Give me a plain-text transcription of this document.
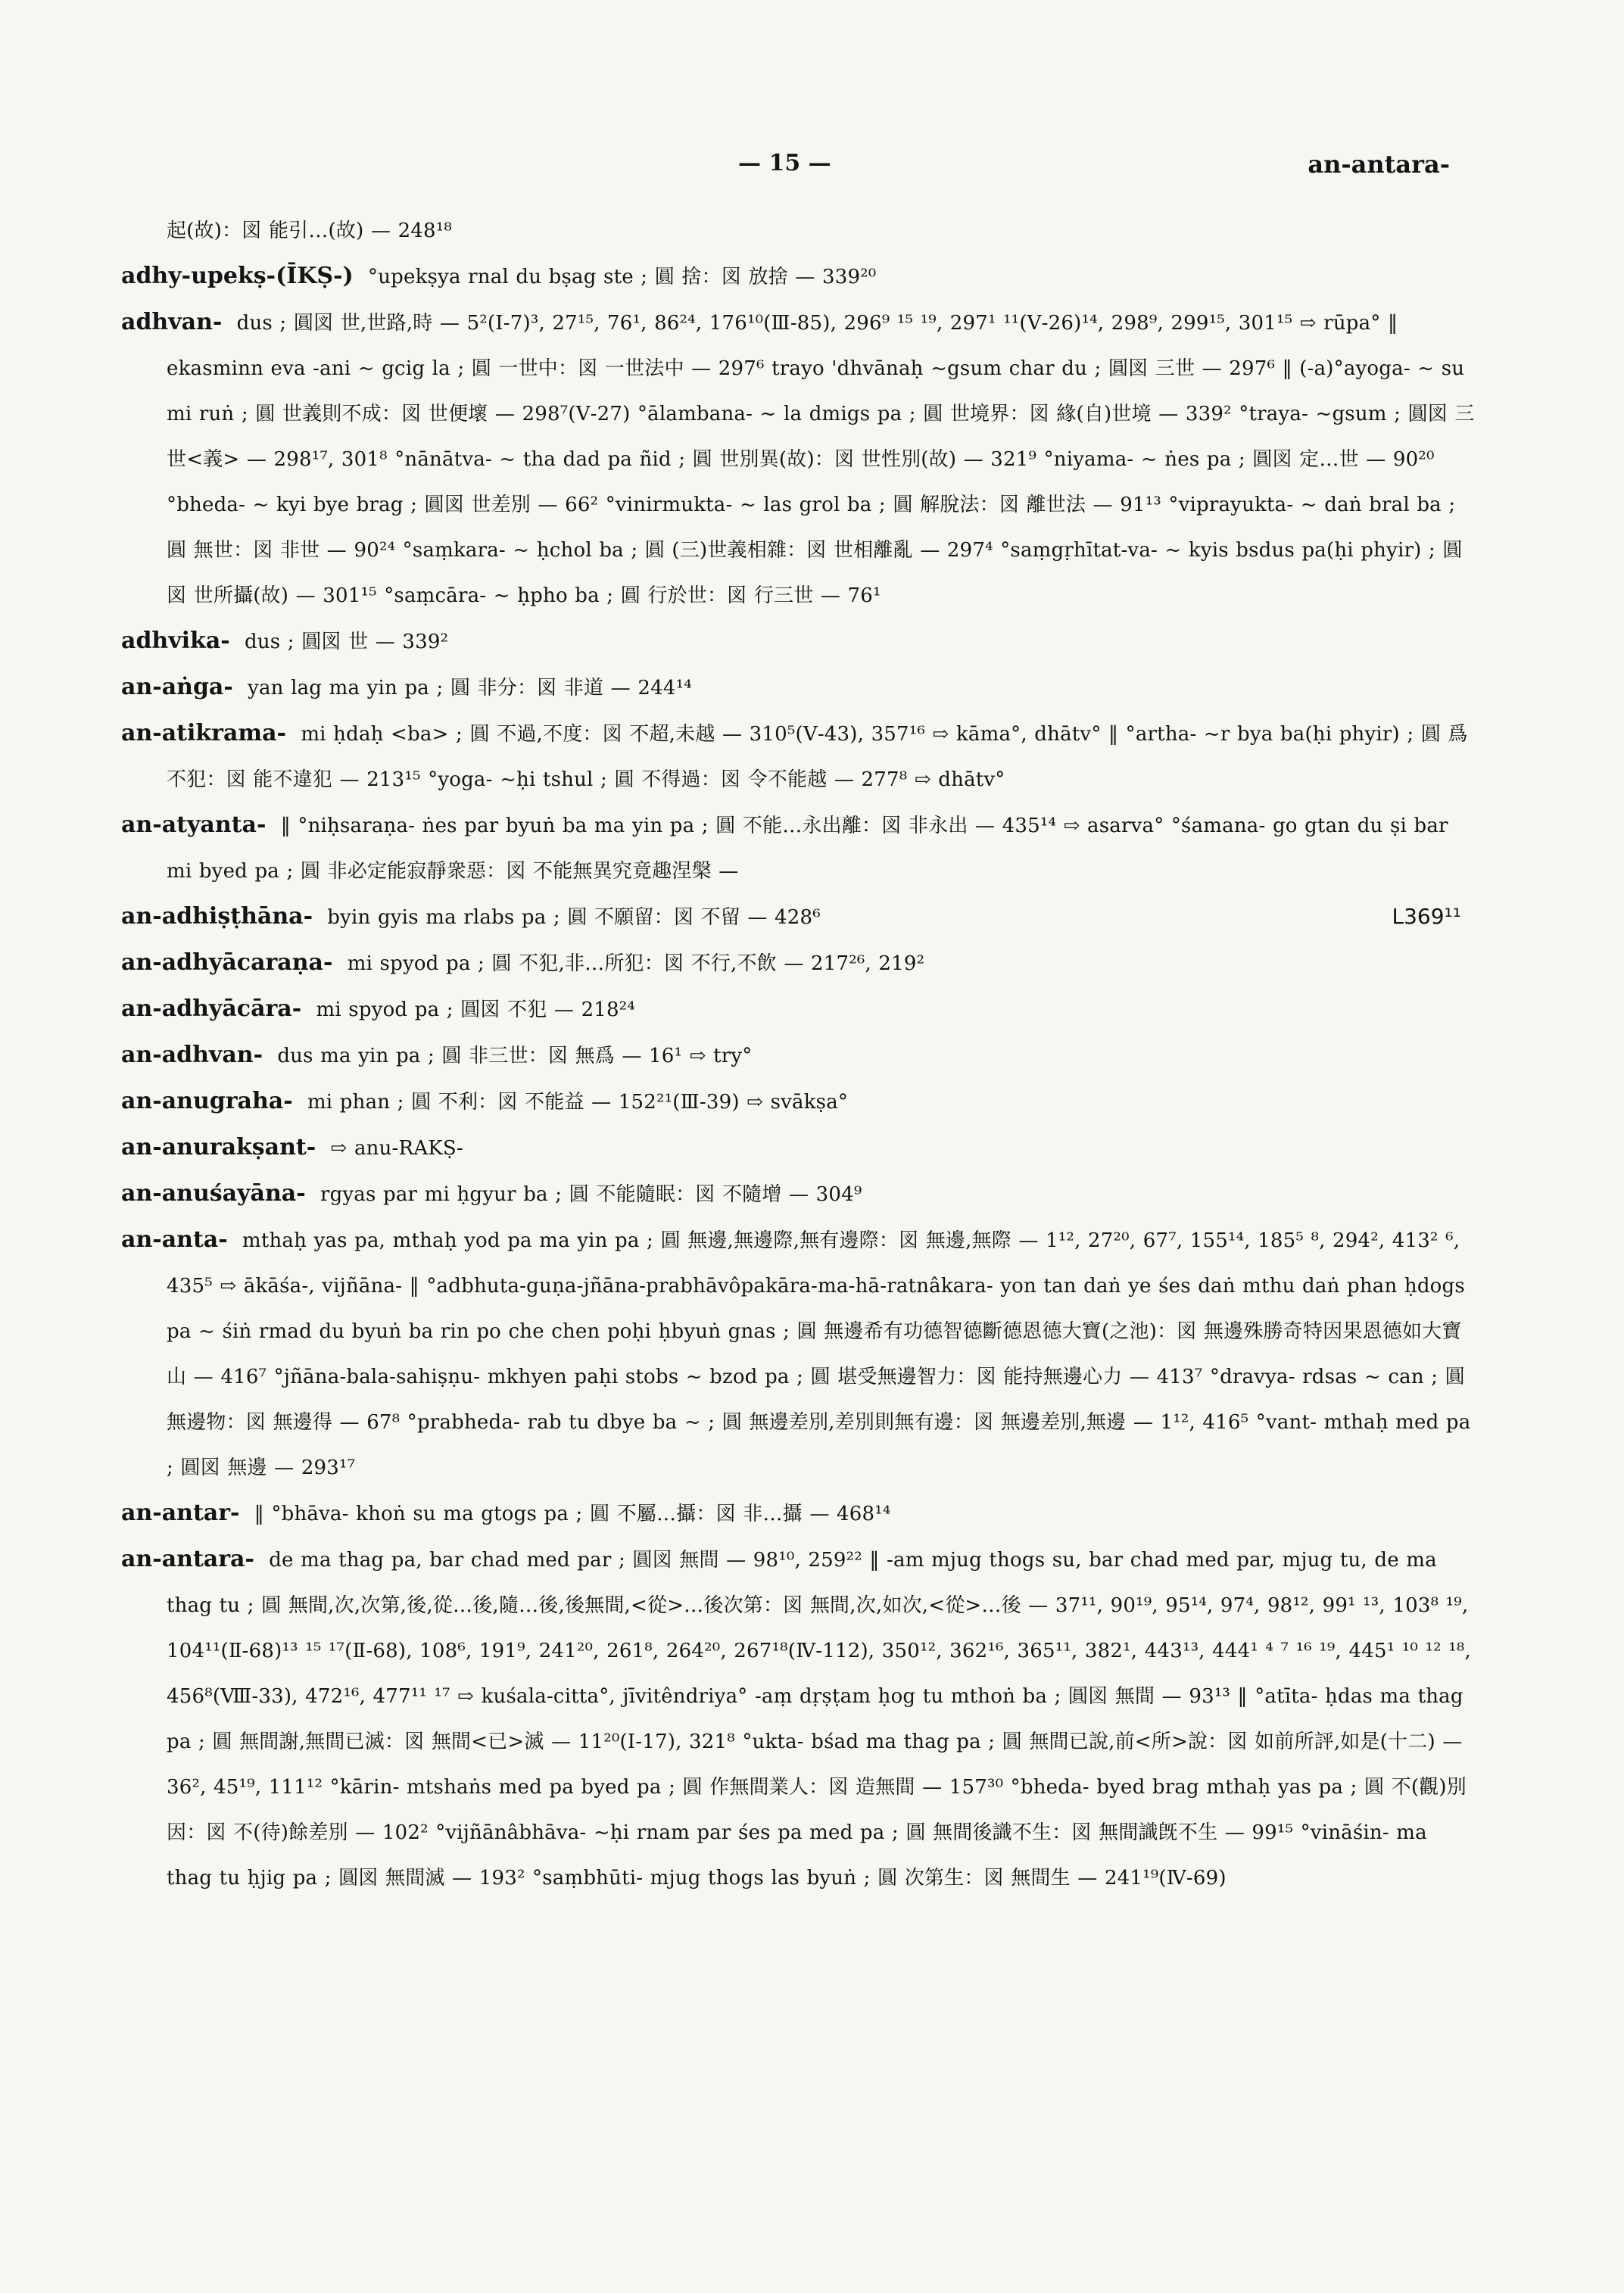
— 15 —	an-antara-
起(故)：図 能引…(故) — 248¹⁸
adhy-upekṣ-(ĪKṢ-) °upekṣya rnal du bṣag ste ; 圓 捨：図 放捨 — 339²⁰
adhvan- dus ; 圓図 世,世路,時 — 5²(Ⅰ-7)³, 27¹⁵, 76¹, 86²⁴, 176¹⁰(Ⅲ-85), 296⁹ ¹⁵ ¹⁹, 297¹ ¹¹(Ⅴ-26)¹⁴, 298⁹, 299¹⁵, 301¹⁵ ⇨ rūpa° ‖ ekasminn eva -ani ~ gcig la ; 圓 一世中：図 一世法中 — 297⁶ trayo 'dhvānaḥ ~gsum char du ; 圓図 三世 — 297⁶ ‖ (-a)°ayoga- ~ su mi ruṅ ; 圓 世義則不成：図 世便壞 — 298⁷(Ⅴ-27) °ālambana- ~ la dmigs pa ; 圓 世境界：図 緣(自)世境 — 339² °traya- ~gsum ; 圓図 三世<義> — 298¹⁷, 301⁸ °nānātva- ~ tha dad pa ñid ; 圓 世別異(故)：図 世性別(故) — 321⁹ °niyama- ~ ṅes pa ; 圓図 定…世 — 90²⁰ °bheda- ~ kyi bye brag ; 圓図 世差別 — 66² °vinirmukta- ~ las grol ba ; 圓 解脫法：図 離世法 — 91¹³ °viprayukta- ~ daṅ bral ba ; 圓 無世：図 非世 — 90²⁴ °saṃkara- ~ ḥchol ba ; 圓 (三)世義相雜：図 世相離亂 — 297⁴ °saṃgṛhītat-va- ~ kyis bsdus pa(ḥi phyir) ; 圓図 世所攝(故) — 301¹⁵ °saṃcāra- ~ ḥpho ba ; 圓 行於世：図 行三世 — 76¹
adhvika- dus ; 圓図 世 — 339²
an-aṅga- yan lag ma yin pa ; 圓 非分：図 非道 — 244¹⁴
an-atikrama- mi ḥdaḥ <ba> ; 圓 不過,不度：図 不超,未越 — 310⁵(Ⅴ-43), 357¹⁶ ⇨ kāma°, dhātv° ‖ °artha- ~r bya ba(ḥi phyir) ; 圓 爲不犯：図 能不違犯 — 213¹⁵ °yoga- ~ḥi tshul ; 圓 不得過：図 令不能越 — 277⁸ ⇨ dhātv°
an-atyanta- ‖ °niḥsaraṇa- ṅes par byuṅ ba ma yin pa ; 圓 不能…永出離：図 非永出 — 435¹⁴ ⇨ asarva° °śamana- go gtan du ṣi bar mi byed pa ; 圓 非必定能寂靜衆惡：図 不能無異究竟趣涅槃 —
an-adhiṣṭhāna- byin gyis ma rlabs pa ; 圓 不願留：図 不留 — 428⁶	L369¹¹
an-adhyācaraṇa- mi spyod pa ; 圓 不犯,非…所犯：図 不行,不飲 — 217²⁶, 219²
an-adhyācāra- mi spyod pa ; 圓図 不犯 — 218²⁴
an-adhvan- dus ma yin pa ; 圓 非三世：図 無爲 — 16¹ ⇨ try°
an-anugraha- mi phan ; 圓 不利：図 不能益 — 152²¹(Ⅲ-39) ⇨ svākṣa°
an-anurakṣant- ⇨ anu-RAKṢ-
an-anuśayāna- rgyas par mi ḥgyur ba ; 圓 不能隨眠：図 不隨增 — 304⁹
an-anta- mthaḥ yas pa, mthaḥ yod pa ma yin pa ; 圓 無邊,無邊際,無有邊際：図 無邊,無際 — 1¹², 27²⁰, 67⁷, 155¹⁴, 185⁵ ⁸, 294², 413² ⁶, 435⁵ ⇨ ākāśa-, vijñāna- ‖ °adbhuta-guṇa-jñāna-prabhāvôpakāra-ma-hā-ratnâkara- yon tan daṅ ye śes daṅ mthu daṅ phan ḥdogs pa ~ śiṅ rmad du byuṅ ba rin po che chen poḥi ḥbyuṅ gnas ; 圓 無邊希有功德智德斷德恩德大寶(之池)：図 無邊殊勝奇特因果恩德如大寶山 — 416⁷ °jñāna-bala-sahiṣṇu- mkhyen paḥi stobs ~ bzod pa ; 圓 堪受無邊智力：図 能持無邊心力 — 413⁷ °dravya- rdsas ~ can ; 圓 無邊物：図 無邊得 — 67⁸ °prabheda- rab tu dbye ba ~ ; 圓 無邊差別,差別則無有邊：図 無邊差別,無邊 — 1¹², 416⁵ °vant- mthaḥ med pa ; 圓図 無邊 — 293¹⁷
an-antar- ‖ °bhāva- khoṅ su ma gtogs pa ; 圓 不屬…攝：図 非…攝 — 468¹⁴
an-antara- de ma thag pa, bar chad med par ; 圓図 無間 — 98¹⁰, 259²² ‖ -am mjug thogs su, bar chad med par, mjug tu, de ma thag tu ; 圓 無間,次,次第,後,從…後,隨…後,後無間,<從>…後次第：図 無間,次,如次,<從>…後 — 37¹¹, 90¹⁹, 95¹⁴, 97⁴, 98¹², 99¹ ¹³, 103⁸ ¹⁹, 104¹¹(Ⅱ-68)¹³ ¹⁵ ¹⁷(Ⅱ-68), 108⁶, 191⁹, 241²⁰, 261⁸, 264²⁰, 267¹⁸(Ⅳ-112), 350¹², 362¹⁶, 365¹¹, 382¹, 443¹³, 444¹ ⁴ ⁷ ¹⁶ ¹⁹, 445¹ ¹⁰ ¹² ¹⁸, 456⁸(Ⅷ-33), 472¹⁶, 477¹¹ ¹⁷ ⇨ kuśala-citta°, jīvitêndriya° -aṃ dṛṣṭam ḥog tu mthoṅ ba ; 圓図 無間 — 93¹³ ‖ °atīta- ḥdas ma thag pa ; 圓 無間謝,無間已滅：図 無間<已>滅 — 11²⁰(Ⅰ-17), 321⁸ °ukta- bśad ma thag pa ; 圓 無間已說,前<所>說：図 如前所評,如是(十二) — 36², 45¹⁹, 111¹² °kārin- mtshaṅs med pa byed pa ; 圓 作無間業人：図 造無間 — 157³⁰ °bheda- byed brag mthaḥ yas pa ; 圓 不(觀)別因：図 不(待)餘差別 — 102² °vijñānâbhāva- ~ḥi rnam par śes pa med pa ; 圓 無間後識不生：図 無間識旣不生 — 99¹⁵ °vināśin- ma thag tu ḥjig pa ; 圓図 無間滅 — 193² °saṃbhūti- mjug thogs las byuṅ ; 圓 次第生：図 無間生 — 241¹⁹(Ⅳ-69)
